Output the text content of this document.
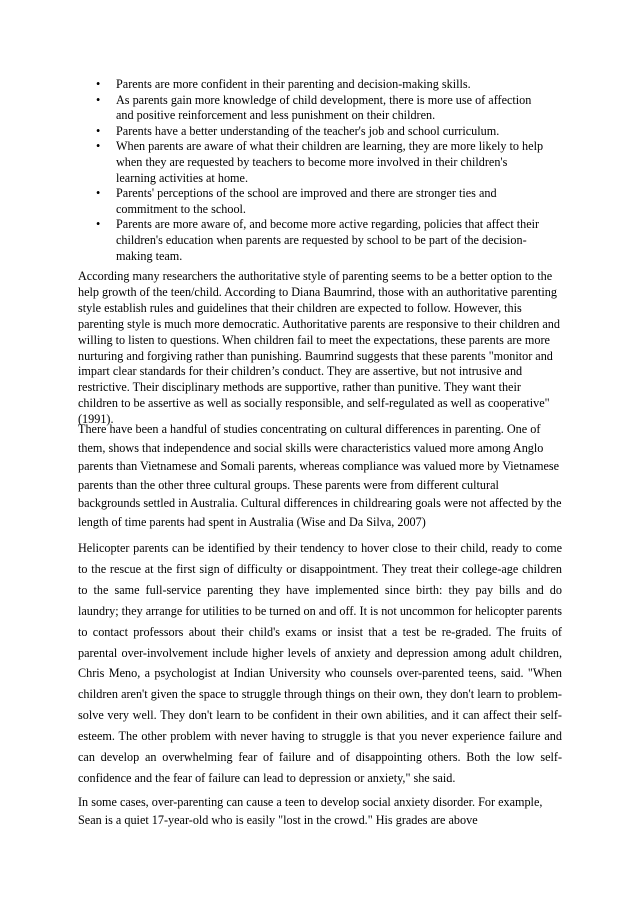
• Parents are more confident in their parenting and decision-making skills.
• As parents gain more knowledge of child development, there is more use of affection and positive reinforcement and less punishment on their children.
• Parents have a better understanding of the teacher's job and school curriculum.
• When parents are aware of what their children are learning, they are more likely to help when they are requested by teachers to become more involved in their children's learning activities at home.
• Parents' perceptions of the school are improved and there are stronger ties and commitment to the school.
• Parents are more aware of, and become more active regarding, policies that affect their children's education when parents are requested by school to be part of the decision-making team.

According many researchers the authoritative style of parenting seems to be a better option to the help growth of the teen/child. According to Diana Baumrind, those with an authoritative parenting style establish rules and guidelines that their children are expected to follow. However, this parenting style is much more democratic. Authoritative parents are responsive to their children and willing to listen to questions. When children fail to meet the expectations, these parents are more nurturing and forgiving rather than punishing. Baumrind suggests that these parents "monitor and impart clear standards for their children’s conduct. They are assertive, but not intrusive and restrictive. Their disciplinary methods are supportive, rather than punitive. They want their children to be assertive as well as socially responsible, and self-regulated as well as cooperative" (1991).

There have been a handful of studies concentrating on cultural differences in parenting. One of them, shows that independence and social skills were characteristics valued more among Anglo parents than Vietnamese and Somali parents, whereas compliance was valued more by Vietnamese parents than the other three cultural groups. These parents were from different cultural backgrounds settled in Australia. Cultural differences in childrearing goals were not affected by the length of time parents had spent in Australia (Wise and Da Silva, 2007)

Helicopter parents can be identified by their tendency to hover close to their child, ready to come to the rescue at the first sign of difficulty or disappointment. They treat their college-age children to the same full-service parenting they have implemented since birth: they pay bills and do laundry; they arrange for utilities to be turned on and off. It is not uncommon for helicopter parents to contact professors about their child's exams or insist that a test be re-graded. The fruits of parental over-involvement include higher levels of anxiety and depression among adult children, Chris Meno, a psychologist at Indian University who counsels over-parented teens, said. "When children aren't given the space to struggle through things on their own, they don't learn to problem-solve very well. They don't learn to be confident in their own abilities, and it can affect their self-esteem. The other problem with never having to struggle is that you never experience failure and can develop an overwhelming fear of failure and of disappointing others. Both the low self-confidence and the fear of failure can lead to depression or anxiety," she said.

In some cases, over-parenting can cause a teen to develop social anxiety disorder. For example, Sean is a quiet 17-year-old who is easily "lost in the crowd." His grades are above
